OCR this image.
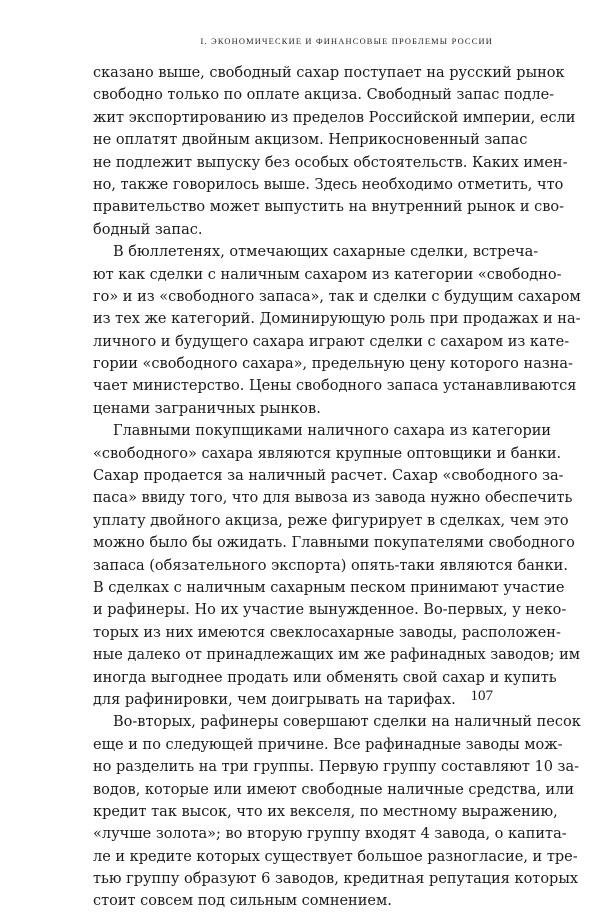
I. ЭКОНОМИЧЕСКИЕ И ФИНАНСОВЫЕ ПРОБЛЕМЫ РОССИИ
сказано выше, свободный сахар поступает на русский рынок
свободно только по оплате акциза. Свободный запас подле-
жит экспортированию из пределов Российской империи, если
не оплатят двойным акцизом. Неприкосновенный запас
не подлежит выпуску без особых обстоятельств. Каких имен-
но, также говорилось выше. Здесь необходимо отметить, что
правительство может выпустить на внутренний рынок и сво-
бодный запас.
В бюллетенях, отмечающих сахарные сделки, встреча-
ют как сделки с наличным сахаром из категории «свободно-
го» и из «свободного запаса», так и сделки с будущим сахаром
из тех же категорий. Доминирующую роль при продажах и на-
личного и будущего сахара играют сделки с сахаром из кате-
гории «свободного сахара», предельную цену которого назна-
чает министерство. Цены свободного запаса устанавливаются
ценами заграничных рынков.
Главными покупщиками наличного сахара из категории
«свободного» сахара являются крупные оптовщики и банки.
Сахар продается за наличный расчет. Сахар «свободного за-
паса» ввиду того, что для вывоза из завода нужно обеспечить
уплату двойного акциза, реже фигурирует в сделках, чем это
можно было бы ожидать. Главными покупателями свободного
запаса (обязательного экспорта) опять-таки являются банки.
В сделках с наличным сахарным песком принимают участие
и рафинеры. Но их участие вынужденное. Во-первых, у неко-
торых из них имеются свеклосахарные заводы, расположен-
ные далеко от принадлежащих им же рафинадных заводов; им
иногда выгоднее продать или обменять свой сахар и купить
для рафинировки, чем доигрывать на тарифах.
Во-вторых, рафинеры совершают сделки на наличный песок
еще и по следующей причине. Все рафинадные заводы мож-
но разделить на три группы. Первую группу составляют 10 за-
водов, которые или имеют свободные наличные средства, или
кредит так высок, что их векселя, по местному выражению,
«лучше золота»; во вторую группу входят 4 завода, о капита-
ле и кредите которых существует большое разногласие, и тре-
тью группу образуют 6 заводов, кредитная репутация которых
стоит совсем под сильным сомнением.
107
